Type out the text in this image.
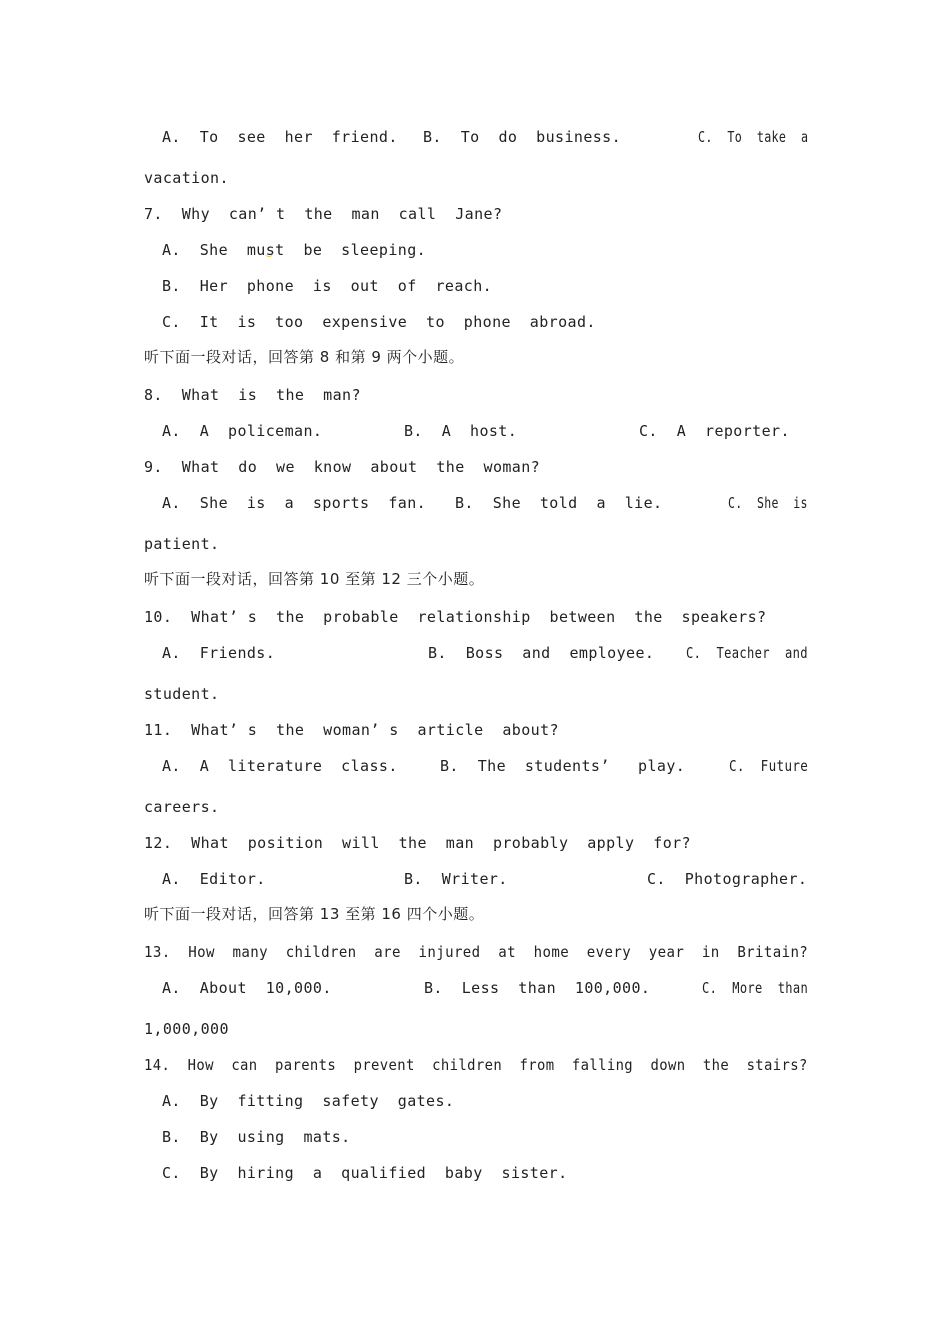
A.  To  see  her  friend. B.  To  do  business.	C.  To  take  a
vacation.
7.  Why  can’ t  the  man  call  Jane?
A.  She  must  be  sleeping.
B.  Her  phone  is  out  of  reach.
C.  It  is  too  expensive  to  phone  abroad.
听下面一段对话，回答第 8 和第 9 两个小题。
8.  What  is  the  man?
A.  A  policeman.	B.  A  host.	C.  A  reporter.
9.  What  do  we  know  about  the  woman?
A.  She  is  a  sports  fan. B.  She  told  a  lie.	C.  She  is
patient.
听下面一段对话，回答第 10 至第 12 三个小题。
10.  What’ s  the  probable  relationship  between  the  speakers?
A.  Friends.	B.  Boss  and  employee. C.  Teacher  and
student.
11.  What’ s  the  woman’ s  article  about?
A.  A  literature  class.	B.  The  students’   play.	C.  Future
careers.
12.  What  position  will  the  man  probably  apply  for?
A.  Editor.	B.  Writer.	C.  Photographer.
听下面一段对话，回答第 13 至第 16 四个小题。
13.  How  many  children  are  injured  at  home  every  year  in  Britain?
A.  About  10,000.	B.  Less  than  100,000.	C.  More  than
1,000,000
14.  How  can  parents  prevent  children  from  falling  down  the  stairs?
A.  By  fitting  safety  gates.
B.  By  using  mats.
C.  By  hiring  a  qualified  baby  sister.
